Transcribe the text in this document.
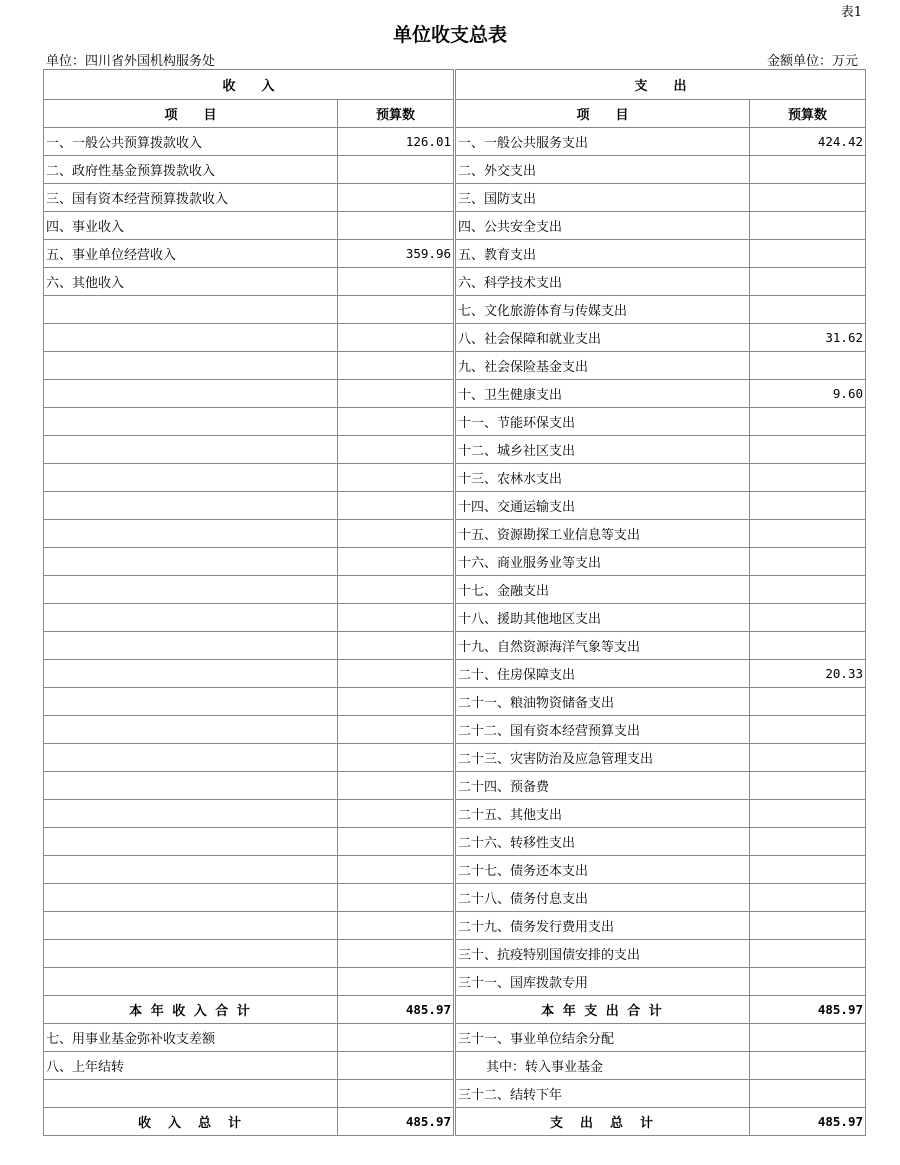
表1
单位收支总表
单位：四川省外国机构服务处	金额单位：万元
收　　入	
项　　目	预算数
一、一般公共预算拨款收入	126.01
二、政府性基金预算拨款收入	
三、国有资本经营预算拨款收入	
四、事业收入	
五、事业单位经营收入	359.96
六、其他收入	

本 年 收 入 合 计	485.97
七、用事业基金弥补收支差额	
八、上年结转	

收　入　总　计	485.97
支　　出	
项　　目	预算数
一、一般公共服务支出	424.42
二、外交支出	
三、国防支出	
四、公共安全支出	
五、教育支出	
六、科学技术支出	
七、文化旅游体育与传媒支出	
八、社会保障和就业支出	31.62
九、社会保险基金支出	
十、卫生健康支出	9.60
十一、节能环保支出	
十二、城乡社区支出	
十三、农林水支出	
十四、交通运输支出	
十五、资源勘探工业信息等支出	
十六、商业服务业等支出	
十七、金融支出	
十八、援助其他地区支出	
十九、自然资源海洋气象等支出	
二十、住房保障支出	20.33
二十一、粮油物资储备支出	
二十二、国有资本经营预算支出	
二十三、灾害防治及应急管理支出	
二十四、预备费	
二十五、其他支出	
二十六、转移性支出	
二十七、债务还本支出	
二十八、债务付息支出	
二十九、债务发行费用支出	
三十、抗疫特别国债安排的支出	
三十一、国库拨款专用	
本 年 支 出 合 计	485.97
三十一、事业单位结余分配	
其中：转入事业基金	
三十二、结转下年	
支　出　总　计	485.97
